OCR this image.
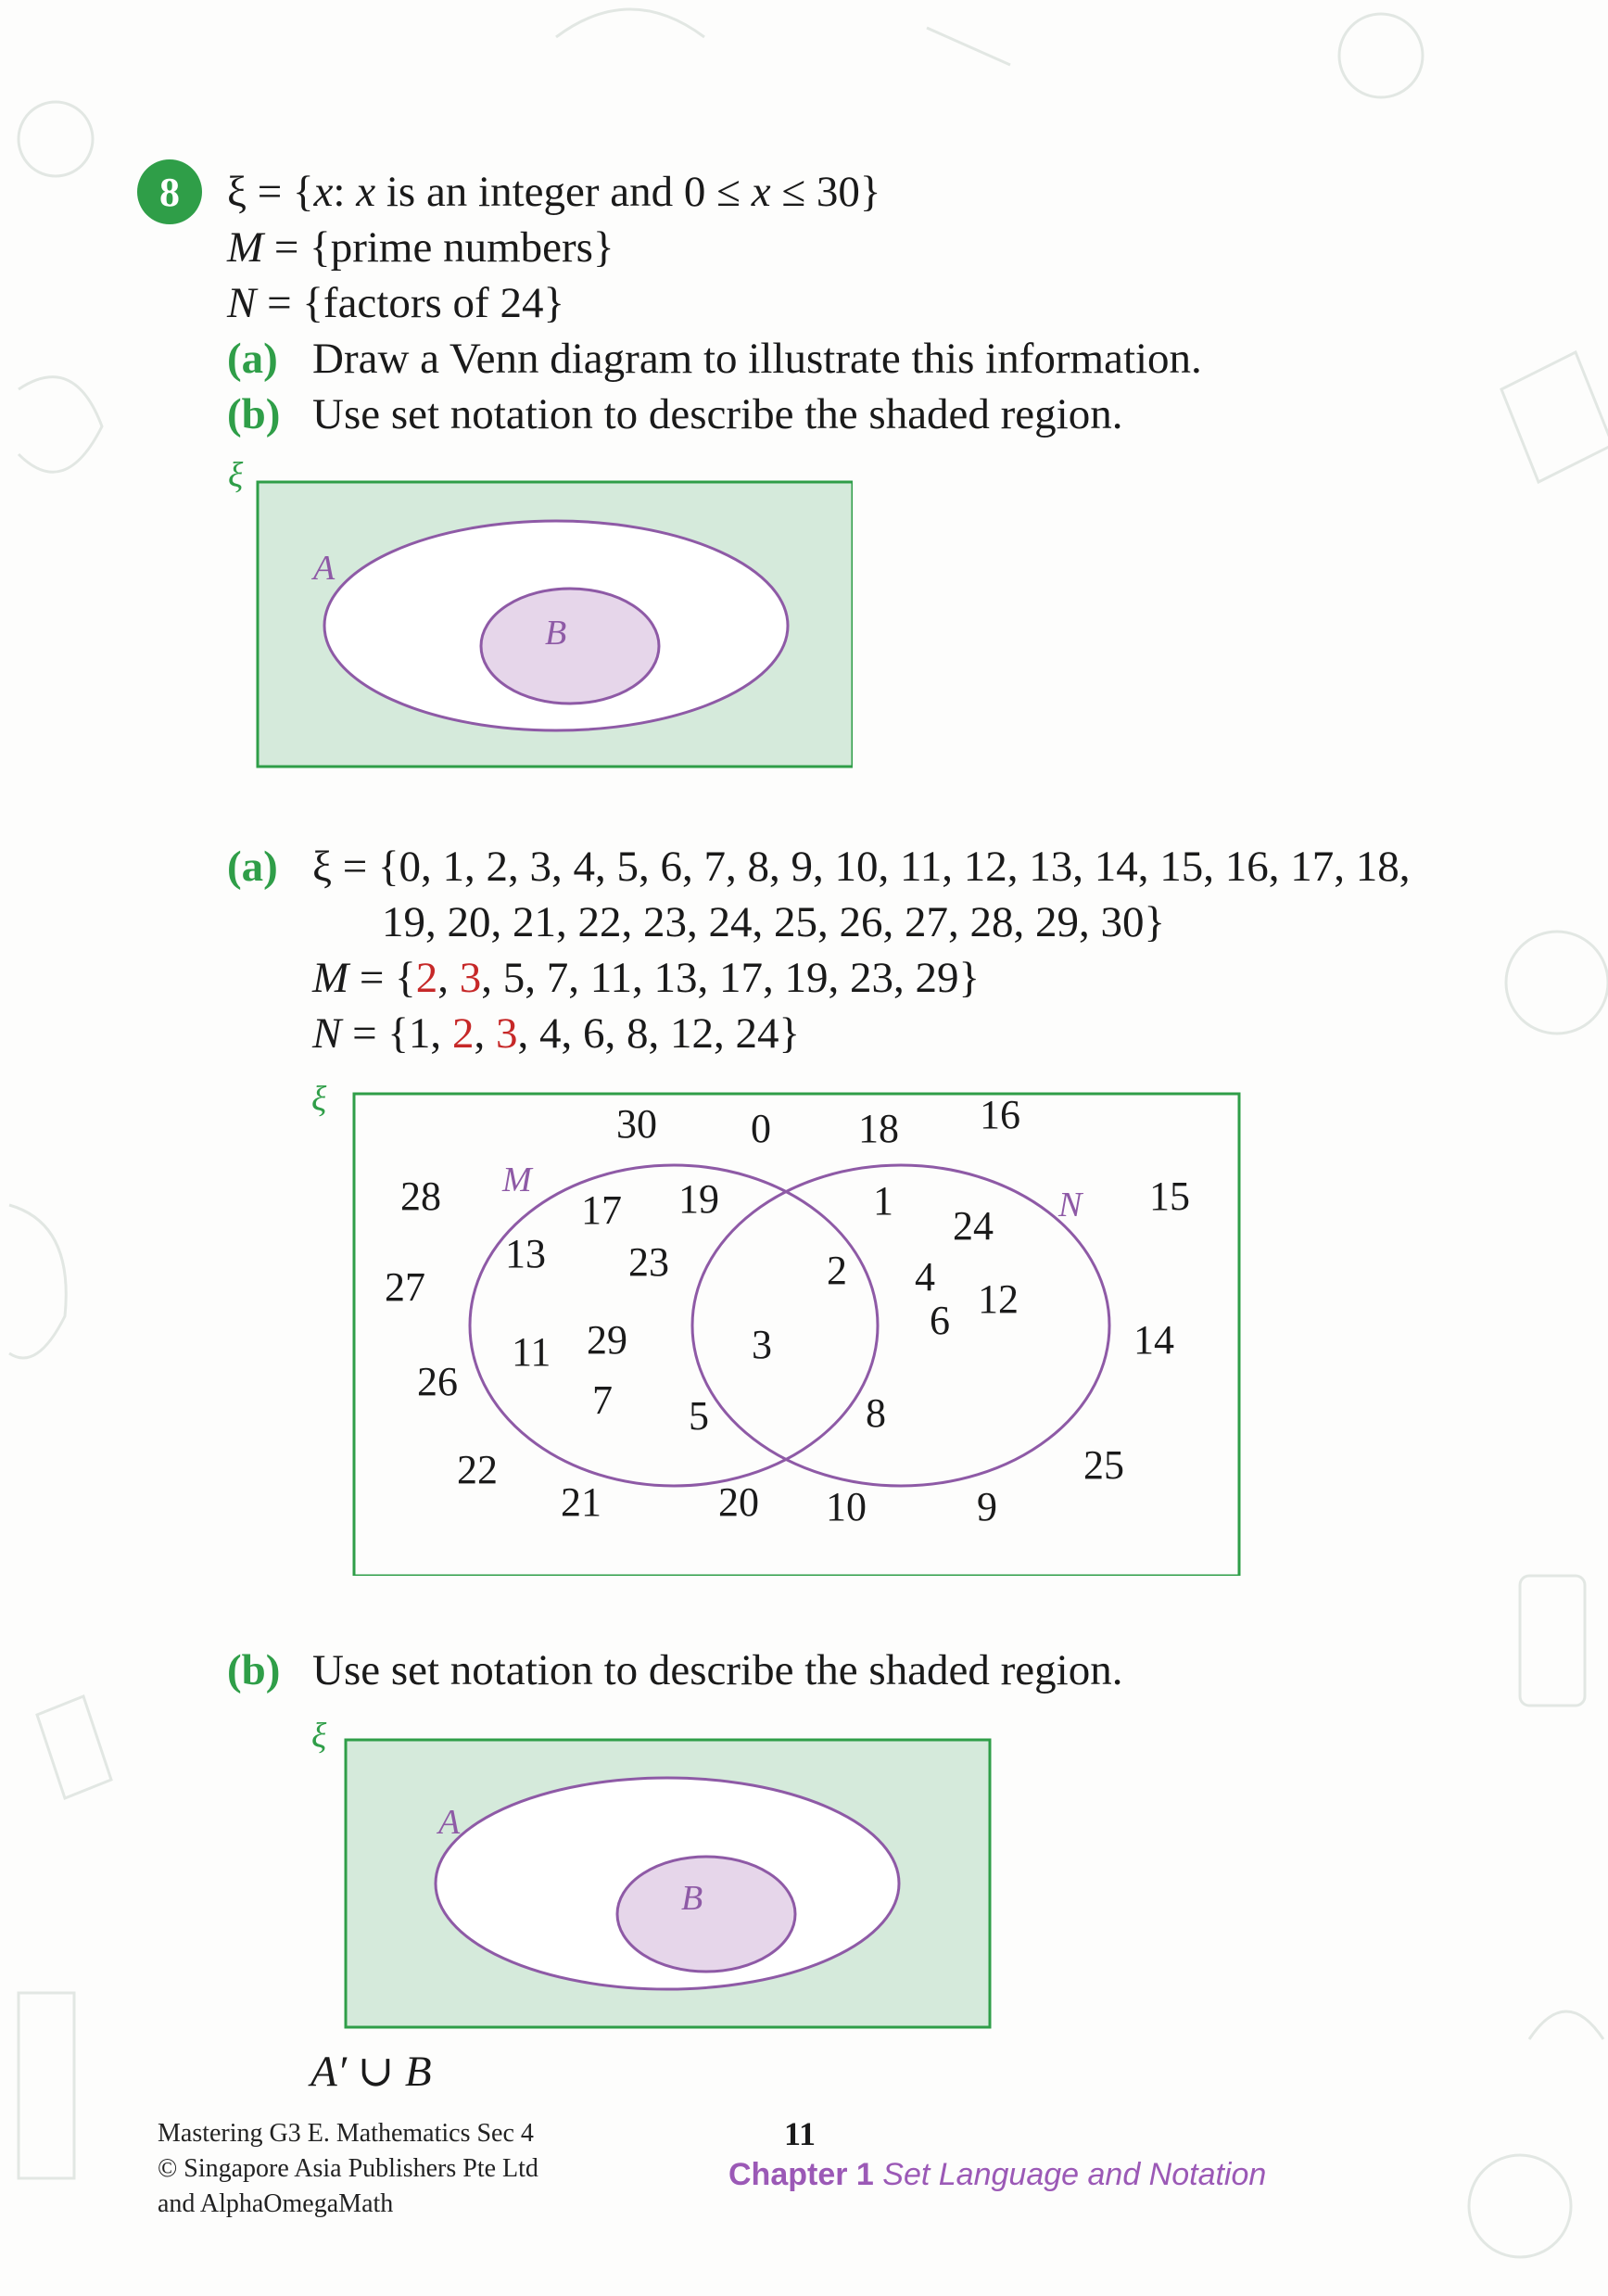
8	ξ = {x: x is an integer and 0 ≤ x ≤ 30}
M = {prime numbers}
N = {factors of 24}
(a) Draw a Venn diagram to illustrate this information.
(b) Use set notation to describe the shaded region.
ξ
A
B
(a) ξ = {0, 1, 2, 3, 4, 5, 6, 7, 8, 9, 10, 11, 12, 13, 14, 15, 16, 17, 18,
19, 20, 21, 22, 23, 24, 25, 26, 27, 28, 29, 30}
M = {2, 3, 5, 7, 11, 13, 17, 19, 23, 29}
N = {1, 2, 3, 4, 6, 8, 12, 24}
ξ
M
N
30 0 18 16
28	15
27
14
26
22
21	20 10	9
25
17 19
13 23
29
11
7 5
2
3
1
24
4 12
6
8
(b) Use set notation to describe the shaded region.
ξ
A
B
A′ ∪ B
Mastering G3 E. Mathematics Sec 4
© Singapore Asia Publishers Pte Ltd
and AlphaOmegaMath
11
Chapter 1 Set Language and Notation
